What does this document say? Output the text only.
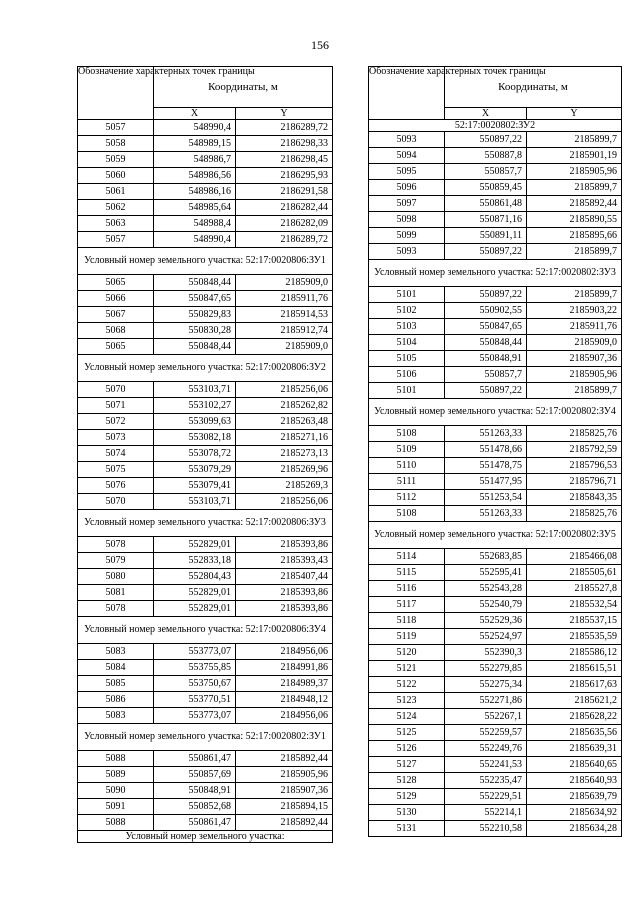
156
Обозначение характерных точек границы	Координаты, м	
	X	Y
5057	548990,4	2186289,72
5058	548989,15	2186298,33
5059	548986,7	2186298,45
5060	548986,56	2186295,93
5061	548986,16	2186291,58
5062	548985,64	2186282,44
5063	548988,4	2186282,09
5057	548990,4	2186289,72
Условный номер земельного участка: 52:17:0020806:ЗУ1		
5065	550848,44	2185909,0
5066	550847,65	2185911,76
5067	550829,83	2185914,53
5068	550830,28	2185912,74
5065	550848,44	2185909,0
Условный номер земельного участка: 52:17:0020806:ЗУ2		
5070	553103,71	2185256,06
5071	553102,27	2185262,82
5072	553099,63	2185263,48
5073	553082,18	2185271,16
5074	553078,72	2185273,13
5075	553079,29	2185269,96
5076	553079,41	2185269,3
5070	553103,71	2185256,06
Условный номер земельного участка: 52:17:0020806:ЗУ3		
5078	552829,01	2185393,86
5079	552833,18	2185393,43
5080	552804,43	2185407,44
5081	552829,01	2185393,86
5078	552829,01	2185393,86
Условный номер земельного участка: 52:17:0020806:ЗУ4		
5083	553773,07	2184956,06
5084	553755,85	2184991,86
5085	553750,67	2184989,37
5086	553770,51	2184948,12
5083	553773,07	2184956,06
Условный номер земельного участка: 52:17:0020802:ЗУ1		
5088	550861,47	2185892,44
5089	550857,69	2185905,96
5090	550848,91	2185907,36
5091	550852,68	2185894,15
5088	550861,47	2185892,44
Условный номер земельного участка:		
Обозначение характерных точек границы	Координаты, м	
	X	Y
52:17:0020802:ЗУ2		
5093	550897,22	2185899,7
5094	550887,8	2185901,19
5095	550857,7	2185905,96
5096	550859,45	2185899,7
5097	550861,48	2185892,44
5098	550871,16	2185890,55
5099	550891,11	2185895,66
5093	550897,22	2185899,7
Условный номер земельного участка: 52:17:0020802:ЗУ3		
5101	550897,22	2185899,7
5102	550902,55	2185903,22
5103	550847,65	2185911,76
5104	550848,44	2185909,0
5105	550848,91	2185907,36
5106	550857,7	2185905,96
5101	550897,22	2185899,7
Условный номер земельного участка: 52:17:0020802:ЗУ4		
5108	551263,33	2185825,76
5109	551478,66	2185792,59
5110	551478,75	2185796,53
5111	551477,95	2185796,71
5112	551253,54	2185843,35
5108	551263,33	2185825,76
Условный номер земельного участка: 52:17:0020802:ЗУ5		
5114	552683,85	2185466,08
5115	552595,41	2185505,61
5116	552543,28	2185527,8
5117	552540,79	2185532,54
5118	552529,36	2185537,15
5119	552524,97	2185535,59
5120	552390,3	2185586,12
5121	552279,85	2185615,51
5122	552275,34	2185617,63
5123	552271,86	2185621,2
5124	552267,1	2185628,22
5125	552259,57	2185635,56
5126	552249,76	2185639,31
5127	552241,53	2185640,65
5128	552235,47	2185640,93
5129	552229,51	2185639,79
5130	552214,1	2185634,92
5131	552210,58	2185634,28
